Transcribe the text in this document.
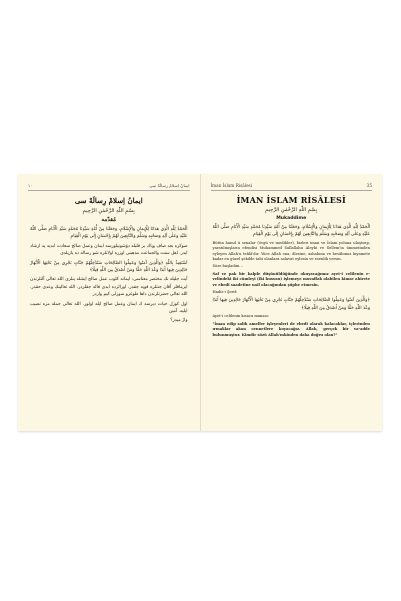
١٠	ايمانُ اِسلامُ رِسالَهْ سِى
ايمانُ اِسلامْ رِسالَهْ سى
بِسْمِ اللّٰهِ الرَّحْمٰنِ الرَّحِيمِ
مُقدّمه

اَلْحَمْدُ لِلّٰهِ الَّذِي هَدَانَا لِلْإِيمَانِ وَالْإِسْلَامِ، وَجَعَلَنَا مِنْ أُمَّةِ سَيِّدِنَا مُحَمَّدٍ سَيِّدِ الْأَنَامِ صَلَّى اللّٰهُ عَلَيْهِ وَعَلٰى آلِهِ وَصَحْبِهِ وَسَلَّمَ وَالتَّابِعِينَ لَهُمْ بِإِحْسَانٍ إِلٰى يَوْمِ الْقِيَامِ

صوكره بعد صاف وپاك بر قلبله دۆشونيلورسه ايمان وعمل صالح سعادت ابديه يه ارشاد ايدر. اهل سنت والجماعت مذهبنى اوزره اولانلره شو رساله ده يازيلدى

اَسْتَعِيذُ بِاللّٰهِ ﴿وَالَّذِينَ آمَنُوا وَعَمِلُوا الصَّالِحَاتِ سَنُدْخِلُهُمْ جَنَّاتٍ تَجْرِي مِنْ تَحْتِهَا الْأَنْهَارُ خَالِدِينَ فِيهَا أَبَدًا وَعْدَ اللّٰهِ حَقًّا وَمَنْ أَصْدَقُ مِنَ اللّٰهِ قِيلًا﴾

آيت جليله نك مختصر معناسى: ايمانه كلوب عمل صالح ايشله ينلرى الله تعالى آلتلرندن ايرماقلر آقان جنتلره قويه جقدر. اورالرده ابدى قاله جقلردر. الله تعالينك وعدى حقدر. الله تعالى حضرتلرندن داها طوغرو سوزلى كيم واردر

اول كوزل حيات ديرسه ك ايمان وعمل صالح ايله اولور. الله تعالى جمله مزه نصيب ايليه. آمين

واژ ميدر؟

İman İslam Risâlesi	35
İMAN İSLAM RİSÂLESİ
بِسْمِ اللّٰهِ الرَّحْمٰنِ الرَّحِيمِ
Mukaddime

اَلْحَمْدُ لِلّٰهِ الَّذِي هَدَانَا لِلْإِيمَانِ وَالْإِسْلَامِ، وَجَعَلَنَا مِنْ أُمَّةِ سَيِّدِنَا مُحَمَّدٍ سَيِّدِ الْأَنَامِ صَلَّى اللّٰهُ عَلَيْهِ وَعَلٰى آلِهِ وَصَحْبِهِ وَسَلَّمَ وَالتَّابِعِينَ لَهُمْ بِإِحْسَانٍ إِلٰى يَوْمِ الْقِيَامِ

Bütün hamd ü senalar (övgü ve medihler), bizleri iman ve İslam yoluna ulaştırıp, yaratılmışların efendisi Muhammed Sallallahu Aleyhi ve Sellem'in ümmetinden eyleyen Allah'u teâlâ'dır. Yüce Allah ona, âlesine, ashabına ve hesâbımız kıyamete kadar en güzel şekilde tabi olanlara salavat eylesin ve esenlik versin.

Söze başladım...

Saf ve pak bir kalple düşünüldüğünde okuyacağımız ayet-i celilenin e-velindeki iki cümleyi (iki hususu) işlemeye muvaffak olabilen kimse ahirete ve ebedî saadetine nail olacağından şüphe etmesin.

Hadis-i Şerif:

﴿وَالَّذِينَ آمَنُوا وَعَمِلُوا الصَّالِحَاتِ سَنُدْخِلُهُمْ جَنَّاتٍ تَجْرِي مِنْ تَحْتِهَا الْأَنْهَارُ خَالِدِينَ فِيهَا أَبَدًا وَعْدَ اللّٰهِ حَقًّا وَمَنْ أَصْدَقُ مِنَ اللّٰهِ قِيلًا﴾

Ayet-i celilenin kısaca manası:

"İman edip salih ameller işleyenleri de ebedî olarak kalacaklar, içlerinden ırmaklar akan cennetlere koyacağız. Allah, gerçek bir va-adde bulunmuştur. Kimdir sözü Allah'ınkinden daha doğru olan?"
